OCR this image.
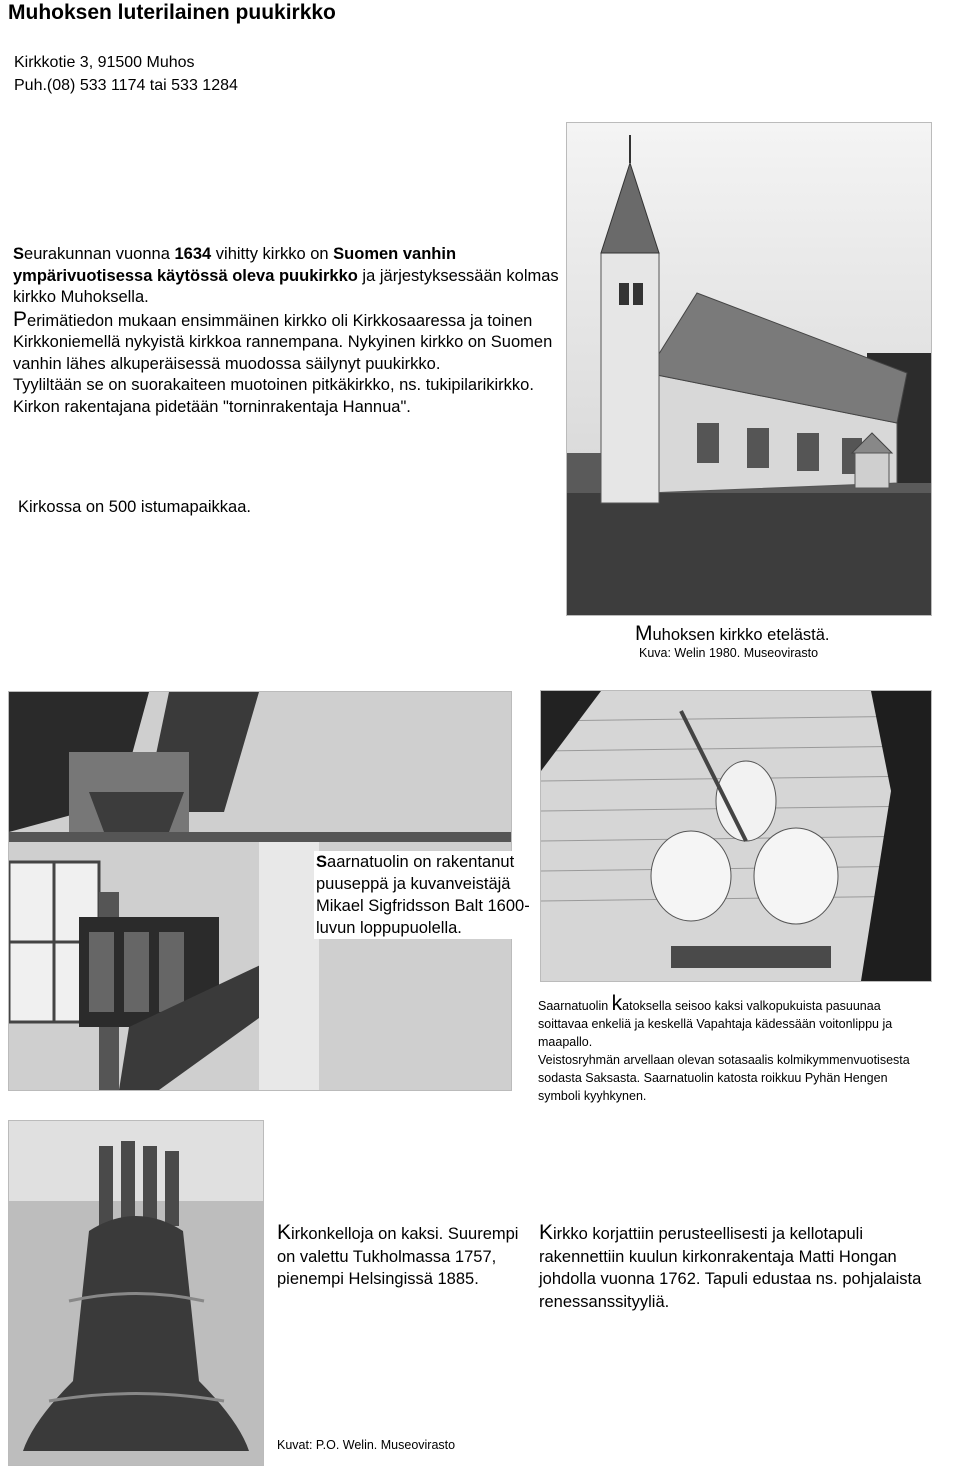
Muhoksen luterilainen puukirkko
Kirkkotie 3, 91500 Muhos
Puh.(08) 533 1174 tai 533 1284

Seurakunnan vuonna 1634 vihitty kirkko on Suomen vanhin ympärivuotisessa käytössä oleva puukirkko ja järjestyksessään kolmas kirkko Muhoksella.

Perimätiedon mukaan ensimmäinen kirkko oli Kirkkosaaressa ja toinen Kirkkoniemellä nykyistä kirkkoa rannempana. Nykyinen kirkko on Suomen vanhin lähes alkuperäisessä muodossa säilynyt puukirkko.

Tyyliltään se on suorakaiteen muotoinen pitkäkirkko, ns. tukipilarikirkko.

Kirkon rakentajana pidetään "torninrakentaja Hannua".

Kirkossa on 500 istumapaikkaa.
Muhoksen kirkko etelästä.
Kuva: Welin 1980. Museovirasto
Saarnatuolin on rakentanut puuseppä ja kuvanveistäjä Mikael Sigfridsson Balt 1600-luvun loppupuolella.
Saarnatuolin katoksella seisoo kaksi valkopukuista pasuunaa soittavaa enkeliä ja keskellä Vapahtaja kädessään voitonlippu ja maapallo.
Veistosryhmän arvellaan olevan sotasaalis kolmikymmenvuotisesta sodasta Saksasta. Saarnatuolin katosta roikkuu Pyhän Hengen symboli kyyhkynen.
Kirkonkelloja on kaksi. Suurempi on valettu Tukholmassa 1757, pienempi Helsingissä 1885.
Kirkko korjattiin perusteellisesti ja kellotapuli rakennettiin kuulun kirkonrakentaja Matti Hongan johdolla vuonna 1762. Tapuli edustaa ns. pohjalaista renessanssityyliä.
Kuvat: P.O. Welin. Museovirasto
